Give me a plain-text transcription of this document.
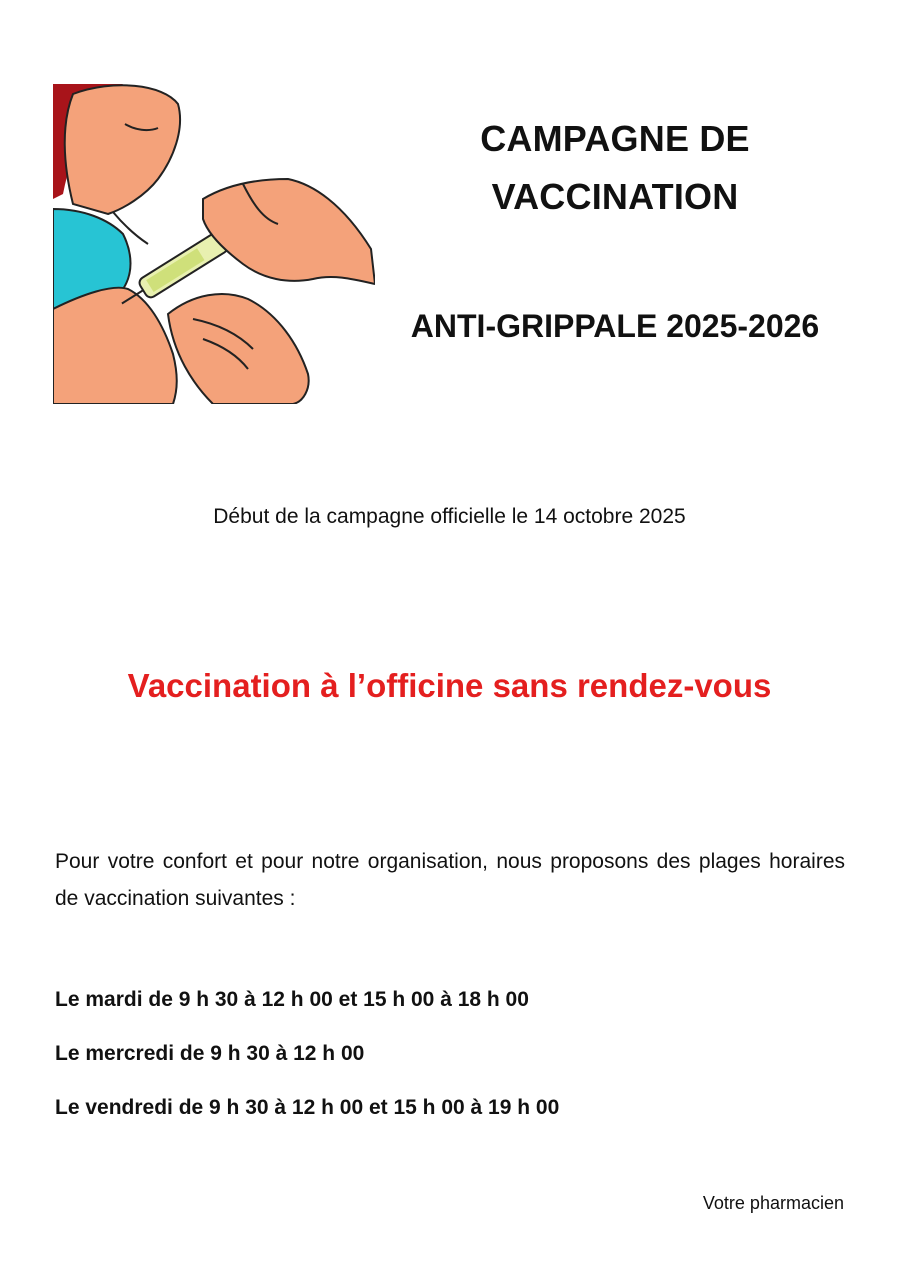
CAMPAGNE DE
VACCINATION
ANTI-GRIPPALE 2025-2026
Début de la campagne officielle le 14 octobre 2025
Vaccination à l’officine sans rendez-vous
Pour votre confort et pour notre organisation, nous proposons des plages horaires de vaccination suivantes :
Le mardi de 9 h 30 à 12 h 00 et 15 h 00 à 18 h 00
Le mercredi de 9 h 30 à 12 h 00
Le vendredi de 9 h 30 à 12 h 00 et 15 h 00 à 19 h 00
Votre pharmacien
